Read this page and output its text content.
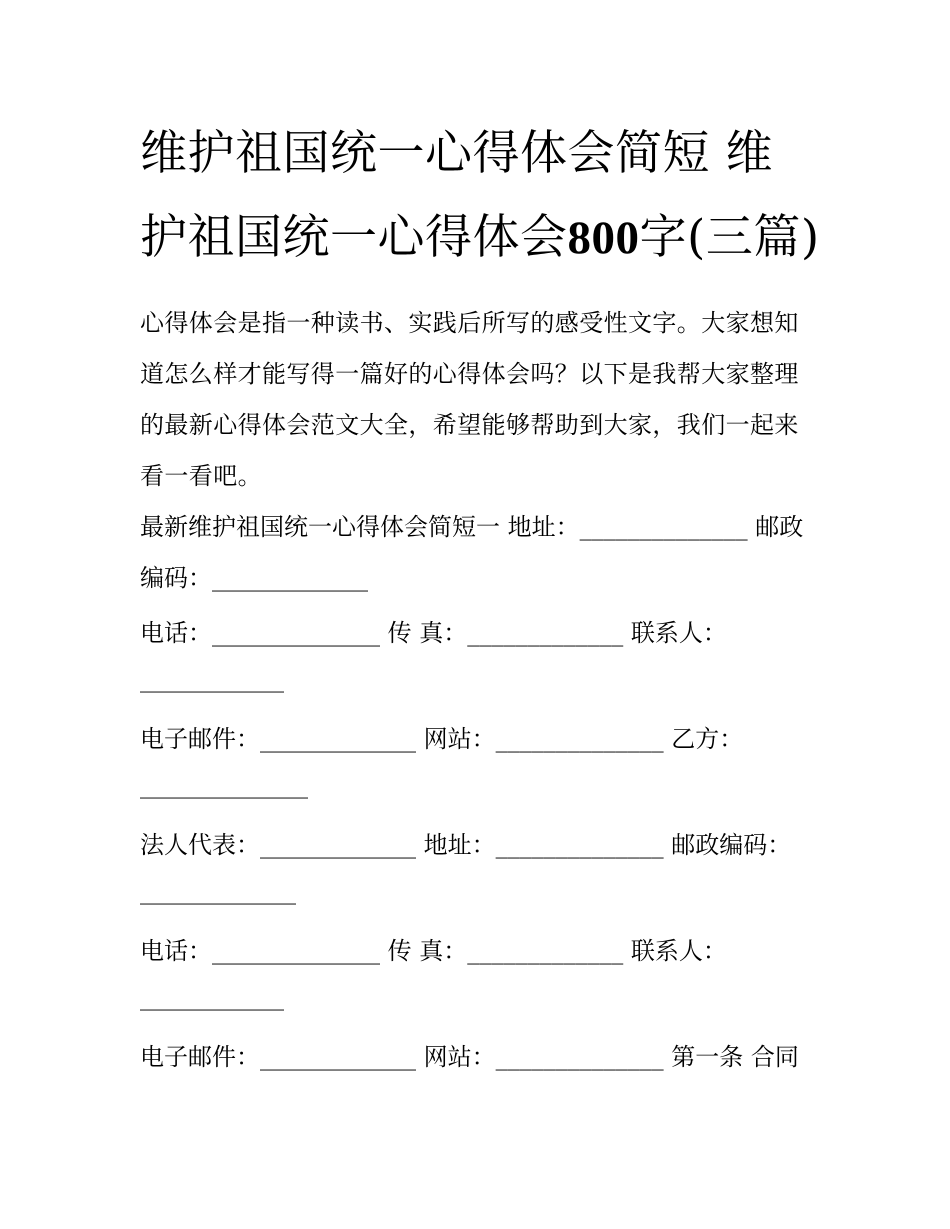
维护祖国统一心得体会简短 维护祖国统一心得体会800字(三篇)

心得体会是指一种读书、实践后所写的感受性文字。大家想知道怎么样才能写得一篇好的心得体会吗？以下是我帮大家整理的最新心得体会范文大全，希望能够帮助到大家，我们一起来看一看吧。

最新维护祖国统一心得体会简短一 地址：______________ 邮政编码：_____________

电话：______________ 传 真：_____________ 联系人：____________

电子邮件：_____________ 网站：______________ 乙方：______________

法人代表：_____________ 地址：______________ 邮政编码：_____________

电话：______________ 传 真：_____________ 联系人：____________

电子邮件：_____________ 网站：______________ 第一条 合同
